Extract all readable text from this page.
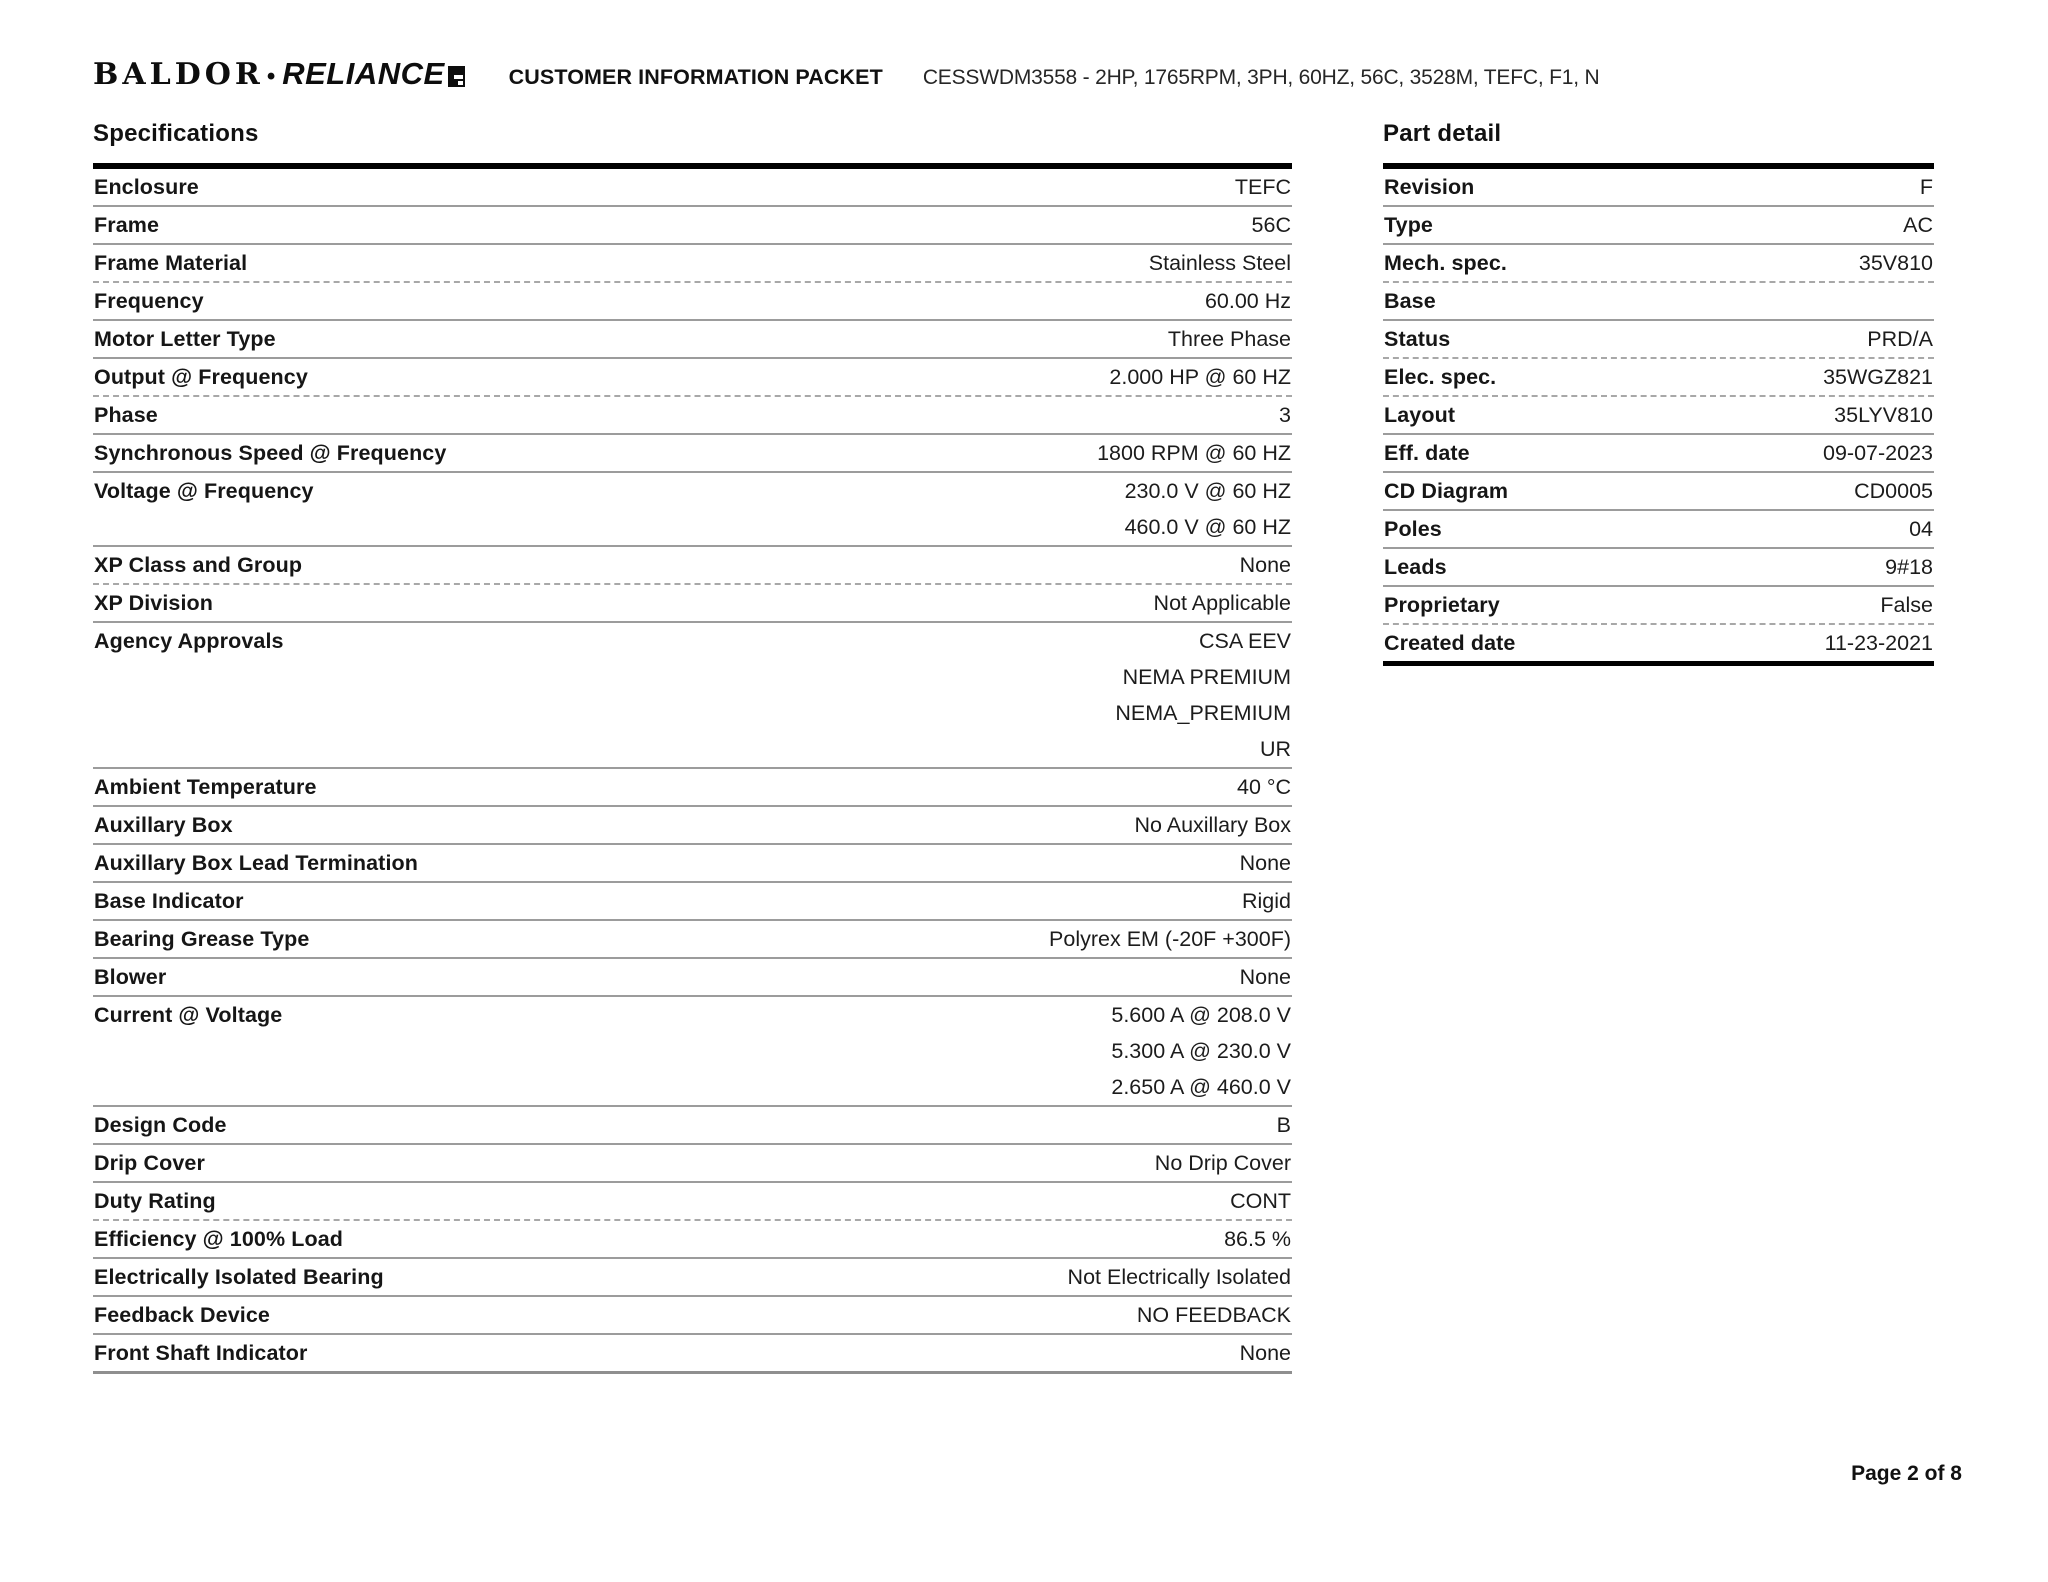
BALDOR • RELIANCE	CUSTOMER INFORMATION PACKET CESSWDM3558 - 2HP, 1765RPM, 3PH, 60HZ, 56C, 3528M, TEFC, F1, N
Specifications
Enclosure	TEFC
Frame	56C
Frame Material	Stainless Steel
Frequency	60.00 Hz
Motor Letter Type	Three Phase
Output @ Frequency	2.000 HP @ 60 HZ
Phase	3
Synchronous Speed @ Frequency	1800 RPM @ 60 HZ
Voltage @ Frequency	230.0 V @ 60 HZ
460.0 V @ 60 HZ
XP Class and Group	None
XP Division	Not Applicable
Agency Approvals	CSA EEV
NEMA PREMIUM
NEMA_PREMIUM
UR
Ambient Temperature	40 °C
Auxillary Box	No Auxillary Box
Auxillary Box Lead Termination	None
Base Indicator	Rigid
Bearing Grease Type	Polyrex EM (-20F +300F)
Blower	None
Current @ Voltage	5.600 A @ 208.0 V
5.300 A @ 230.0 V
2.650 A @ 460.0 V
Design Code	B
Drip Cover	No Drip Cover
Duty Rating	CONT
Efficiency @ 100% Load	86.5 %
Electrically Isolated Bearing	Not Electrically Isolated
Feedback Device	NO FEEDBACK
Front Shaft Indicator	None
Part detail
Revision	F
Type	AC
Mech. spec.	35V810
Base
Status	PRD/A
Elec. spec.	35WGZ821
Layout	35LYV810
Eff. date	09-07-2023
CD Diagram	CD0005
Poles	04
Leads	9#18
Proprietary	False
Created date	11-23-2021
Page 2 of 8
